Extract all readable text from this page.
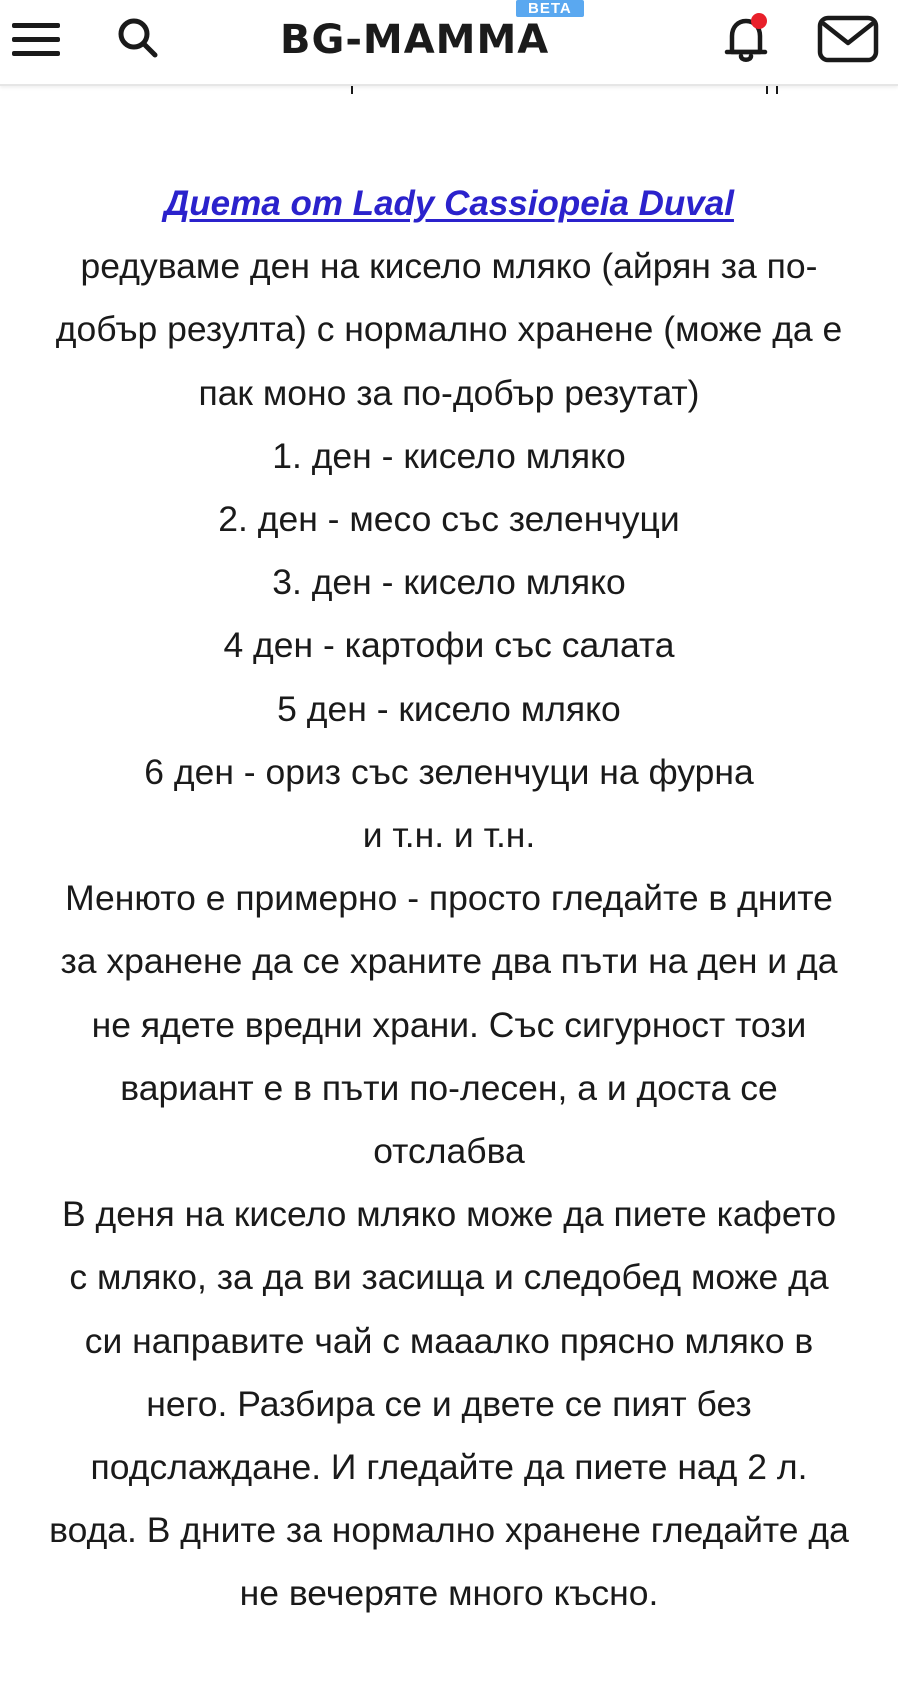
BG-MAMMA
BETA

Диета от Lady Cassiopeia Duval

редуваме ден на кисело мляко (айрян за по-

добър резулта) с нормално хранене (може да е

пак моно за по-добър резутат)

1. ден - кисело мляко

2. ден - месо със зеленчуци

3. ден - кисело мляко

4 ден - картофи със салата

5 ден - кисело мляко

6 ден - ориз със зеленчуци на фурна

и т.н. и т.н.

Менюто е примерно - просто гледайте в дните

за хранене да се храните два пъти на ден и да

не ядете вредни храни. Със сигурност този

вариант е в пъти по-лесен, а и доста се

отслабва

В деня на кисело мляко може да пиете кафето

с мляко, за да ви засища и следобед може да

си направите чай с маaалко прясно мляко в

него. Разбира се и двете се пият без

подслаждане. И гледайте да пиете над 2 л.

вода. В дните за нормално хранене гледайте да

не вечеряте много късно.
